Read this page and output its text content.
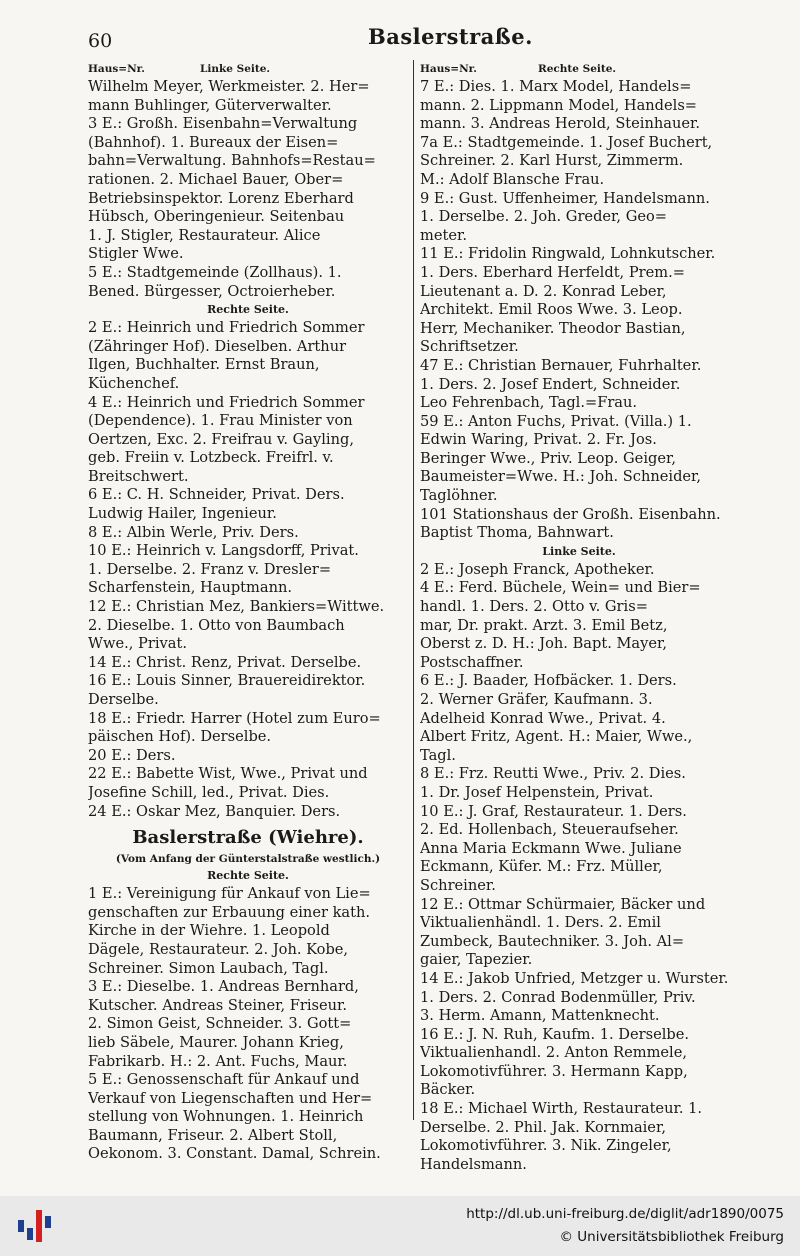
60	Baslerstraße.
Haus=Nr.	Linke Seite.
Wilhelm Meyer, Werkmeister. 2. Her=
mann Buhlinger, Güterverwalter.
3 E.: Großh. Eisenbahn=Verwaltung
(Bahnhof). 1. Bureaux der Eisen=
bahn=Verwaltung. Bahnhofs=Restau=
rationen. 2. Michael Bauer, Ober=
Betriebsinspektor. Lorenz Eberhard
Hübsch, Oberingenieur. Seitenbau
1. J. Stigler, Restaurateur. Alice
Stigler Wwe.
5 E.: Stadtgemeinde (Zollhaus). 1.
Bened. Bürgesser, Octroierheber.
Rechte Seite.
2 E.: Heinrich und Friedrich Sommer
(Zähringer Hof). Dieselben. Arthur
Ilgen, Buchhalter. Ernst Braun,
Küchenchef.
4 E.: Heinrich und Friedrich Sommer
(Dependence). 1. Frau Minister von
Oertzen, Exc. 2. Freifrau v. Gayling,
geb. Freiin v. Lotzbeck. Freifrl. v.
Breitschwert.
6 E.: C. H. Schneider, Privat. Ders.
Ludwig Hailer, Ingenieur.
8 E.: Albin Werle, Priv. Ders.
10 E.: Heinrich v. Langsdorff, Privat.
1. Derselbe. 2. Franz v. Dresler=
Scharfenstein, Hauptmann.
12 E.: Christian Mez, Bankiers=Wittwe.
2. Dieselbe. 1. Otto von Baumbach
Wwe., Privat.
14 E.: Christ. Renz, Privat. Derselbe.
16 E.: Louis Sinner, Brauereidirektor.
Derselbe.
18 E.: Friedr. Harrer (Hotel zum Euro=
päischen Hof). Derselbe.
20 E.: Ders.
22 E.: Babette Wist, Wwe., Privat und
Josefine Schill, led., Privat. Dies.
24 E.: Oskar Mez, Banquier. Ders.
Baslerstraße (Wiehre).
(Vom Anfang der Günterstalstraße westlich.)
Rechte Seite.
1 E.: Vereinigung für Ankauf von Lie=
genschaften zur Erbauung einer kath.
Kirche in der Wiehre. 1. Leopold
Dägele, Restaurateur. 2. Joh. Kobe,
Schreiner. Simon Laubach, Tagl.
3 E.: Dieselbe. 1. Andreas Bernhard,
Kutscher. Andreas Steiner, Friseur.
2. Simon Geist, Schneider. 3. Gott=
lieb Säbele, Maurer. Johann Krieg,
Fabrikarb. H.: 2. Ant. Fuchs, Maur.
5 E.: Genossenschaft für Ankauf und
Verkauf von Liegenschaften und Her=
stellung von Wohnungen. 1. Heinrich
Baumann, Friseur. 2. Albert Stoll,
Oekonom. 3. Constant. Damal, Schrein.
Haus=Nr.	Rechte Seite.
7 E.: Dies. 1. Marx Model, Handels=
mann. 2. Lippmann Model, Handels=
mann. 3. Andreas Herold, Steinhauer.
7a E.: Stadtgemeinde. 1. Josef Buchert,
Schreiner. 2. Karl Hurst, Zimmerm.
M.: Adolf Blansche Frau.
9 E.: Gust. Uffenheimer, Handelsmann.
1. Derselbe. 2. Joh. Greder, Geo=
meter.
11 E.: Fridolin Ringwald, Lohnkutscher.
1. Ders. Eberhard Herfeldt, Prem.=
Lieutenant a. D. 2. Konrad Leber,
Architekt. Emil Roos Wwe. 3. Leop.
Herr, Mechaniker. Theodor Bastian,
Schriftsetzer.
47 E.: Christian Bernauer, Fuhrhalter.
1. Ders. 2. Josef Endert, Schneider.
Leo Fehrenbach, Tagl.=Frau.
59 E.: Anton Fuchs, Privat. (Villa.) 1.
Edwin Waring, Privat. 2. Fr. Jos.
Beringer Wwe., Priv. Leop. Geiger,
Baumeister=Wwe. H.: Joh. Schneider,
Taglöhner.
101 Stationshaus der Großh. Eisenbahn.
Baptist Thoma, Bahnwart.
Linke Seite.
2 E.: Joseph Franck, Apotheker.
4 E.: Ferd. Büchele, Wein= und Bier=
handl. 1. Ders. 2. Otto v. Gris=
mar, Dr. prakt. Arzt. 3. Emil Betz,
Oberst z. D. H.: Joh. Bapt. Mayer,
Postschaffner.
6 E.: J. Baader, Hofbäcker. 1. Ders.
2. Werner Gräfer, Kaufmann. 3.
Adelheid Konrad Wwe., Privat. 4.
Albert Fritz, Agent. H.: Maier, Wwe.,
Tagl.
8 E.: Frz. Reutti Wwe., Priv. 2. Dies.
1. Dr. Josef Helpenstein, Privat.
10 E.: J. Graf, Restaurateur. 1. Ders.
2. Ed. Hollenbach, Steueraufseher.
Anna Maria Eckmann Wwe. Juliane
Eckmann, Küfer. M.: Frz. Müller,
Schreiner.
12 E.: Ottmar Schürmaier, Bäcker und
Viktualienhändl. 1. Ders. 2. Emil
Zumbeck, Bautechniker. 3. Joh. Al=
gaier, Tapezier.
14 E.: Jakob Unfried, Metzger u. Wurster.
1. Ders. 2. Conrad Bodenmüller, Priv.
3. Herm. Amann, Mattenknecht.
16 E.: J. N. Ruh, Kaufm. 1. Derselbe.
Viktualienhandl. 2. Anton Remmele,
Lokomotivführer. 3. Hermann Kapp,
Bäcker.
18 E.: Michael Wirth, Restaurateur. 1.
Derselbe. 2. Phil. Jak. Kornmaier,
Lokomotivführer. 3. Nik. Zingeler,
Handelsmann.
http://dl.ub.uni-freiburg.de/diglit/adr1890/0075
© Universitätsbibliothek Freiburg
